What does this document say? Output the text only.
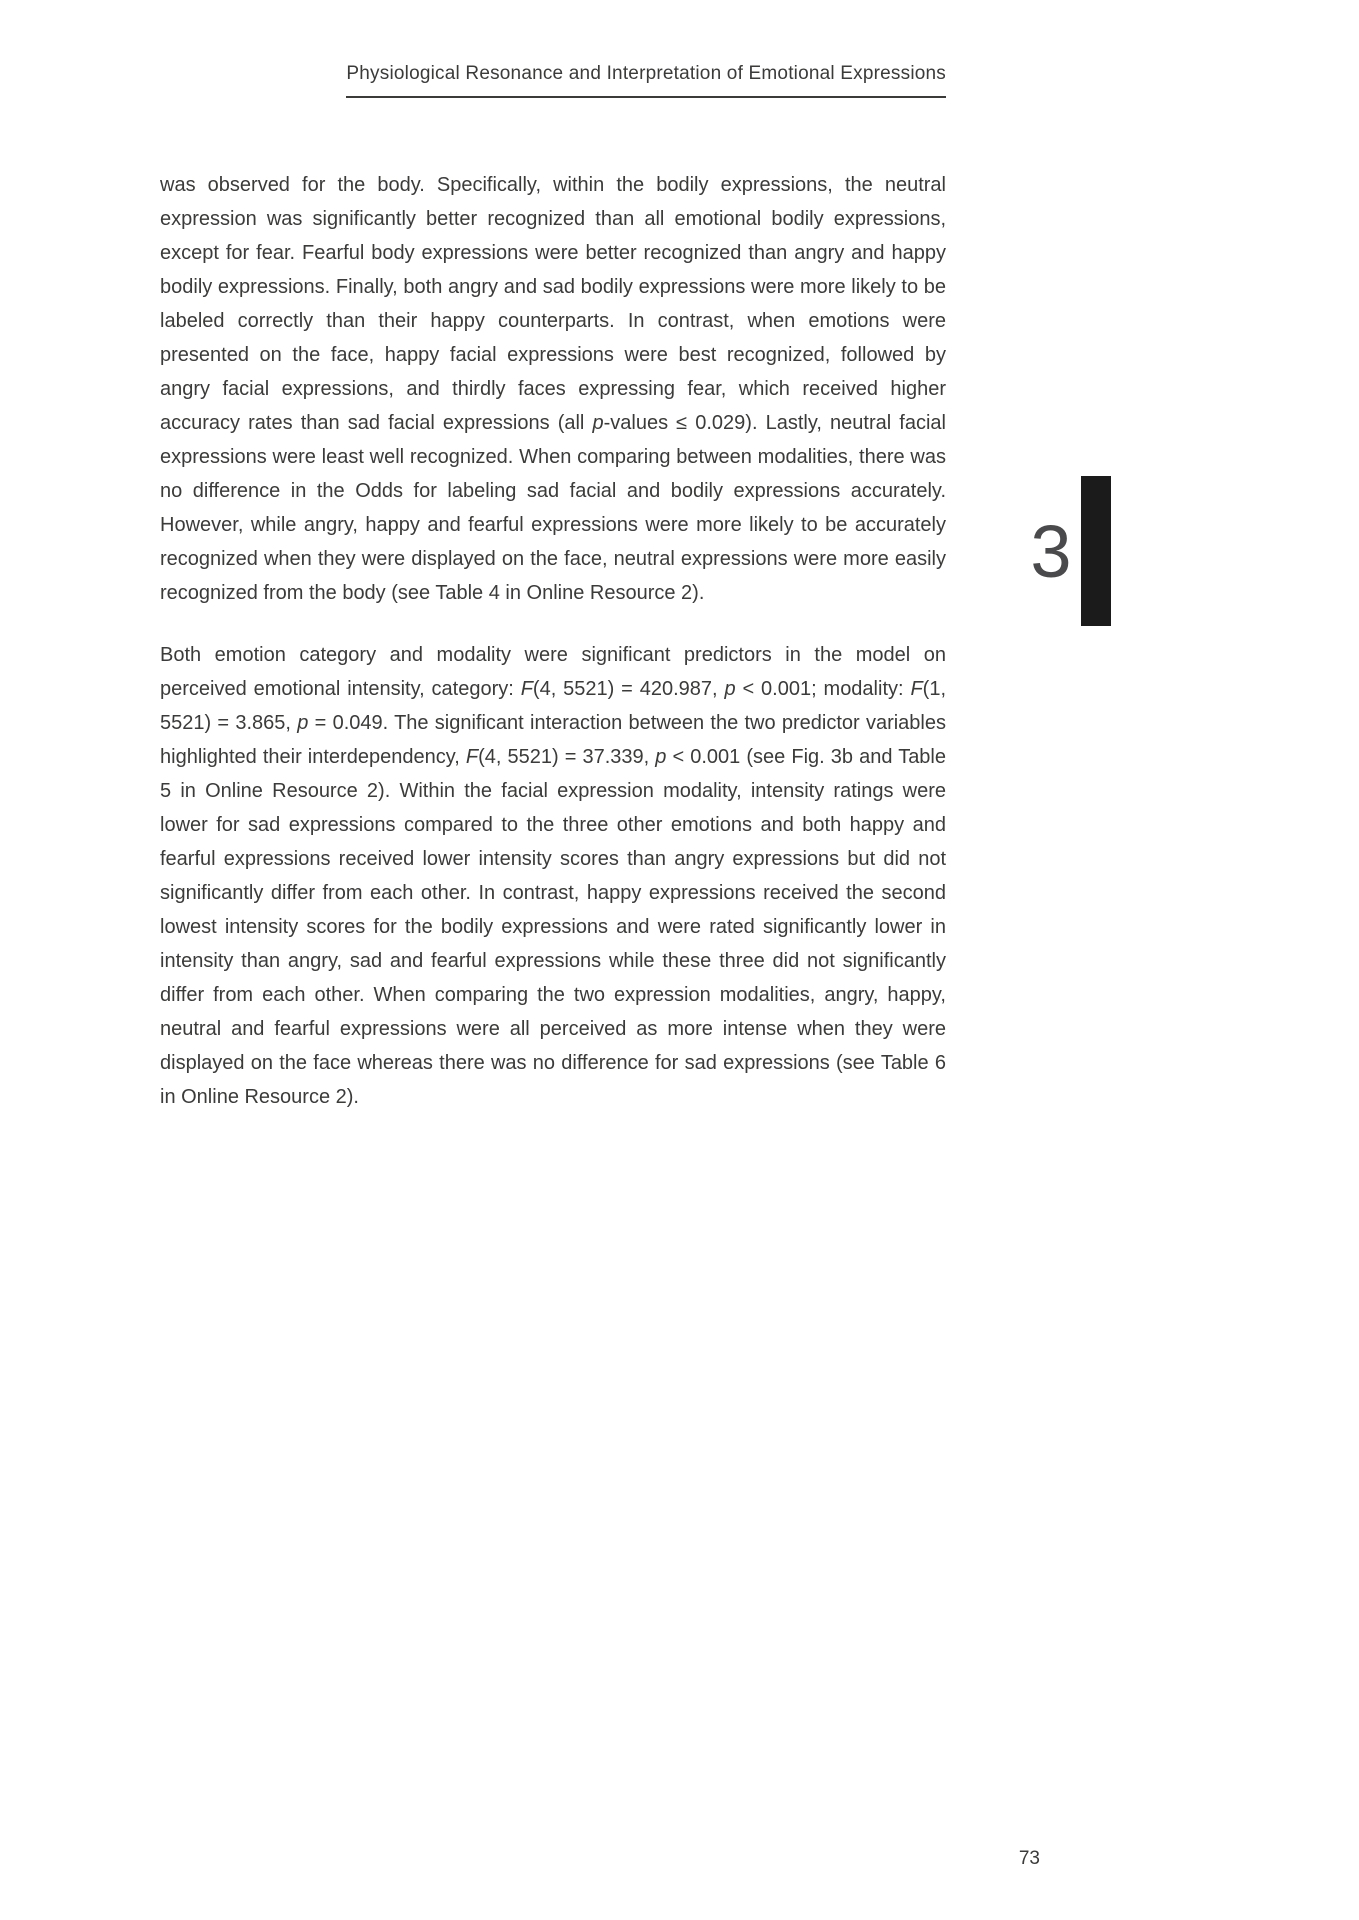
Physiological Resonance and Interpretation of Emotional Expressions

was observed for the body. Specifically, within the bodily expressions, the neutral expression was significantly better recognized than all emotional bodily expressions, except for fear. Fearful body expressions were better recognized than angry and happy bodily expressions. Finally, both angry and sad bodily expressions were more likely to be labeled correctly than their happy counterparts. In contrast, when emotions were presented on the face, happy facial expressions were best recognized, followed by angry facial expressions, and thirdly faces expressing fear, which received higher accuracy rates than sad facial expressions (all p-values ≤ 0.029). Lastly, neutral facial expressions were least well recognized. When comparing between modalities, there was no difference in the Odds for labeling sad facial and bodily expressions accurately. However, while angry, happy and fearful expressions were more likely to be accurately recognized when they were displayed on the face, neutral expressions were more easily recognized from the body (see Table 4 in Online Resource 2).

Both emotion category and modality were significant predictors in the model on perceived emotional intensity, category: F(4, 5521) = 420.987, p < 0.001; modality: F(1, 5521) = 3.865, p = 0.049. The significant interaction between the two predictor variables highlighted their interdependency, F(4, 5521) = 37.339, p < 0.001 (see Fig. 3b and Table 5 in Online Resource 2). Within the facial expression modality, intensity ratings were lower for sad expressions compared to the three other emotions and both happy and fearful expressions received lower intensity scores than angry expressions but did not significantly differ from each other. In contrast, happy expressions received the second lowest intensity scores for the bodily expressions and were rated significantly lower in intensity than angry, sad and fearful expressions while these three did not significantly differ from each other. When comparing the two expression modalities, angry, happy, neutral and fearful expressions were all perceived as more intense when they were displayed on the face whereas there was no difference for sad expressions (see Table 6 in Online Resource 2).

3
73
